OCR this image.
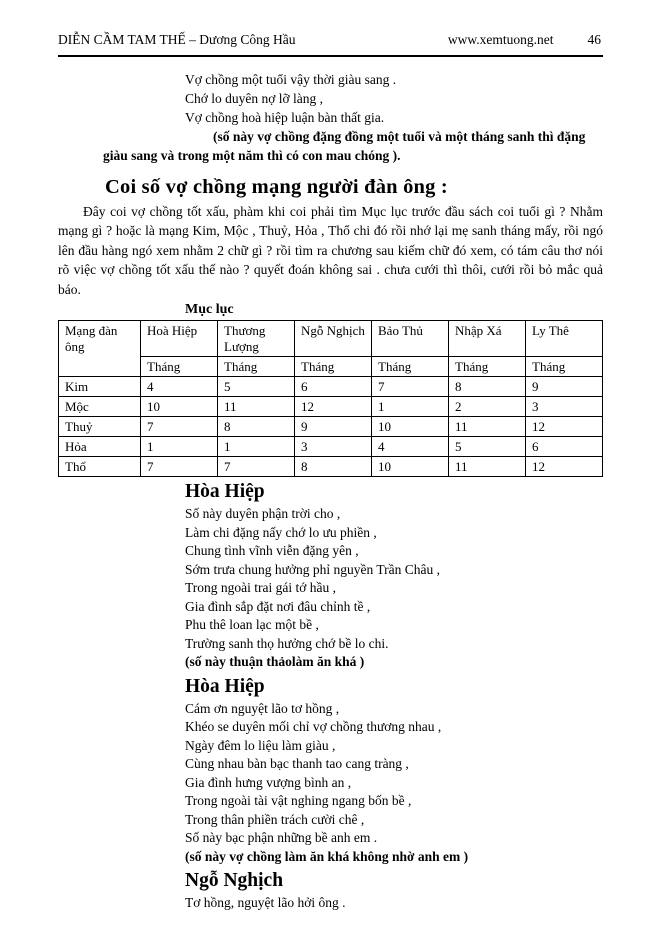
DIỄN CẦM TAM THẾ – Dương Công Hầu	www.xemtuong.net	46
Vợ chồng một tuổi vậy thời giàu sang .
Chớ lo duyên nợ lỡ làng ,
Vợ chồng hoà hiệp luận bàn thất gia.

(số này vợ chồng đặng đồng một tuổi và một tháng sanh thì đặng giàu sang và trong một năm thì có con mau chóng ).

Coi số vợ chồng mạng người đàn ông :

Đây coi vợ chồng tốt xấu, phàm khi coi phải tìm Mục lục trước đầu sách coi tuổi gì ? Nhằm mạng gì ? hoặc là mạng Kim, Mộc , Thuỷ, Hỏa , Thổ chi đó rồi nhớ lại mẹ sanh tháng mấy, rồi ngó lên đầu hàng ngó xem nhằm 2 chữ gì ? rồi tìm ra chương sau kiếm chữ đó xem, có tám câu thơ nói rõ việc vợ chồng tốt xấu thế nào ? quyết đoán không sai . chưa cưới thì thôi, cưới rồi bỏ mắc quả báo.

Mục lục
Mạng đàn ông	Hoà Hiệp	Thương Lượng	Ngỗ Nghịch	Bảo Thủ	Nhập Xá	Ly Thê
	Tháng	Tháng	Tháng	Tháng	Tháng	Tháng
Kim	4	5	6	7	8	9
Mộc	10	11	12	1	2	3
Thuỷ	7	8	9	10	11	12
Hỏa	1	1	3	4	5	6
Thổ	7	7	8	10	11	12
Hòa Hiệp
Số này duyên phận trời cho ,
Làm chi đặng nấy chớ lo ưu phiền ,
Chung tình vĩnh viễn đặng yên ,
Sớm trưa chung hưởng phỉ nguyền Trần Châu ,
Trong ngoài trai gái tớ hầu ,
Gia đình sắp đặt nơi đâu chỉnh tề ,
Phu thê loan lạc một bề ,
Trường sanh thọ hưởng chớ bề lo chi.
(số này thuận thảolàm ăn khá )
Hòa Hiệp
Cám ơn nguyệt lão tơ hồng ,
Khéo se duyên mối chỉ vợ chồng thương nhau ,
Ngày đêm lo liệu làm giàu ,
Cùng nhau bàn bạc thanh tao cang tràng ,
Gia đình hưng vượng bình an ,
Trong ngoài tài vật nghing ngang bốn bề ,
Trong thân phiền trách cười chê ,
Số này bạc phận những bề anh em .
(số này vợ chồng làm ăn khá không nhờ anh em )
Ngỗ Nghịch
Tơ hồng, nguyệt lão hởi ông .
